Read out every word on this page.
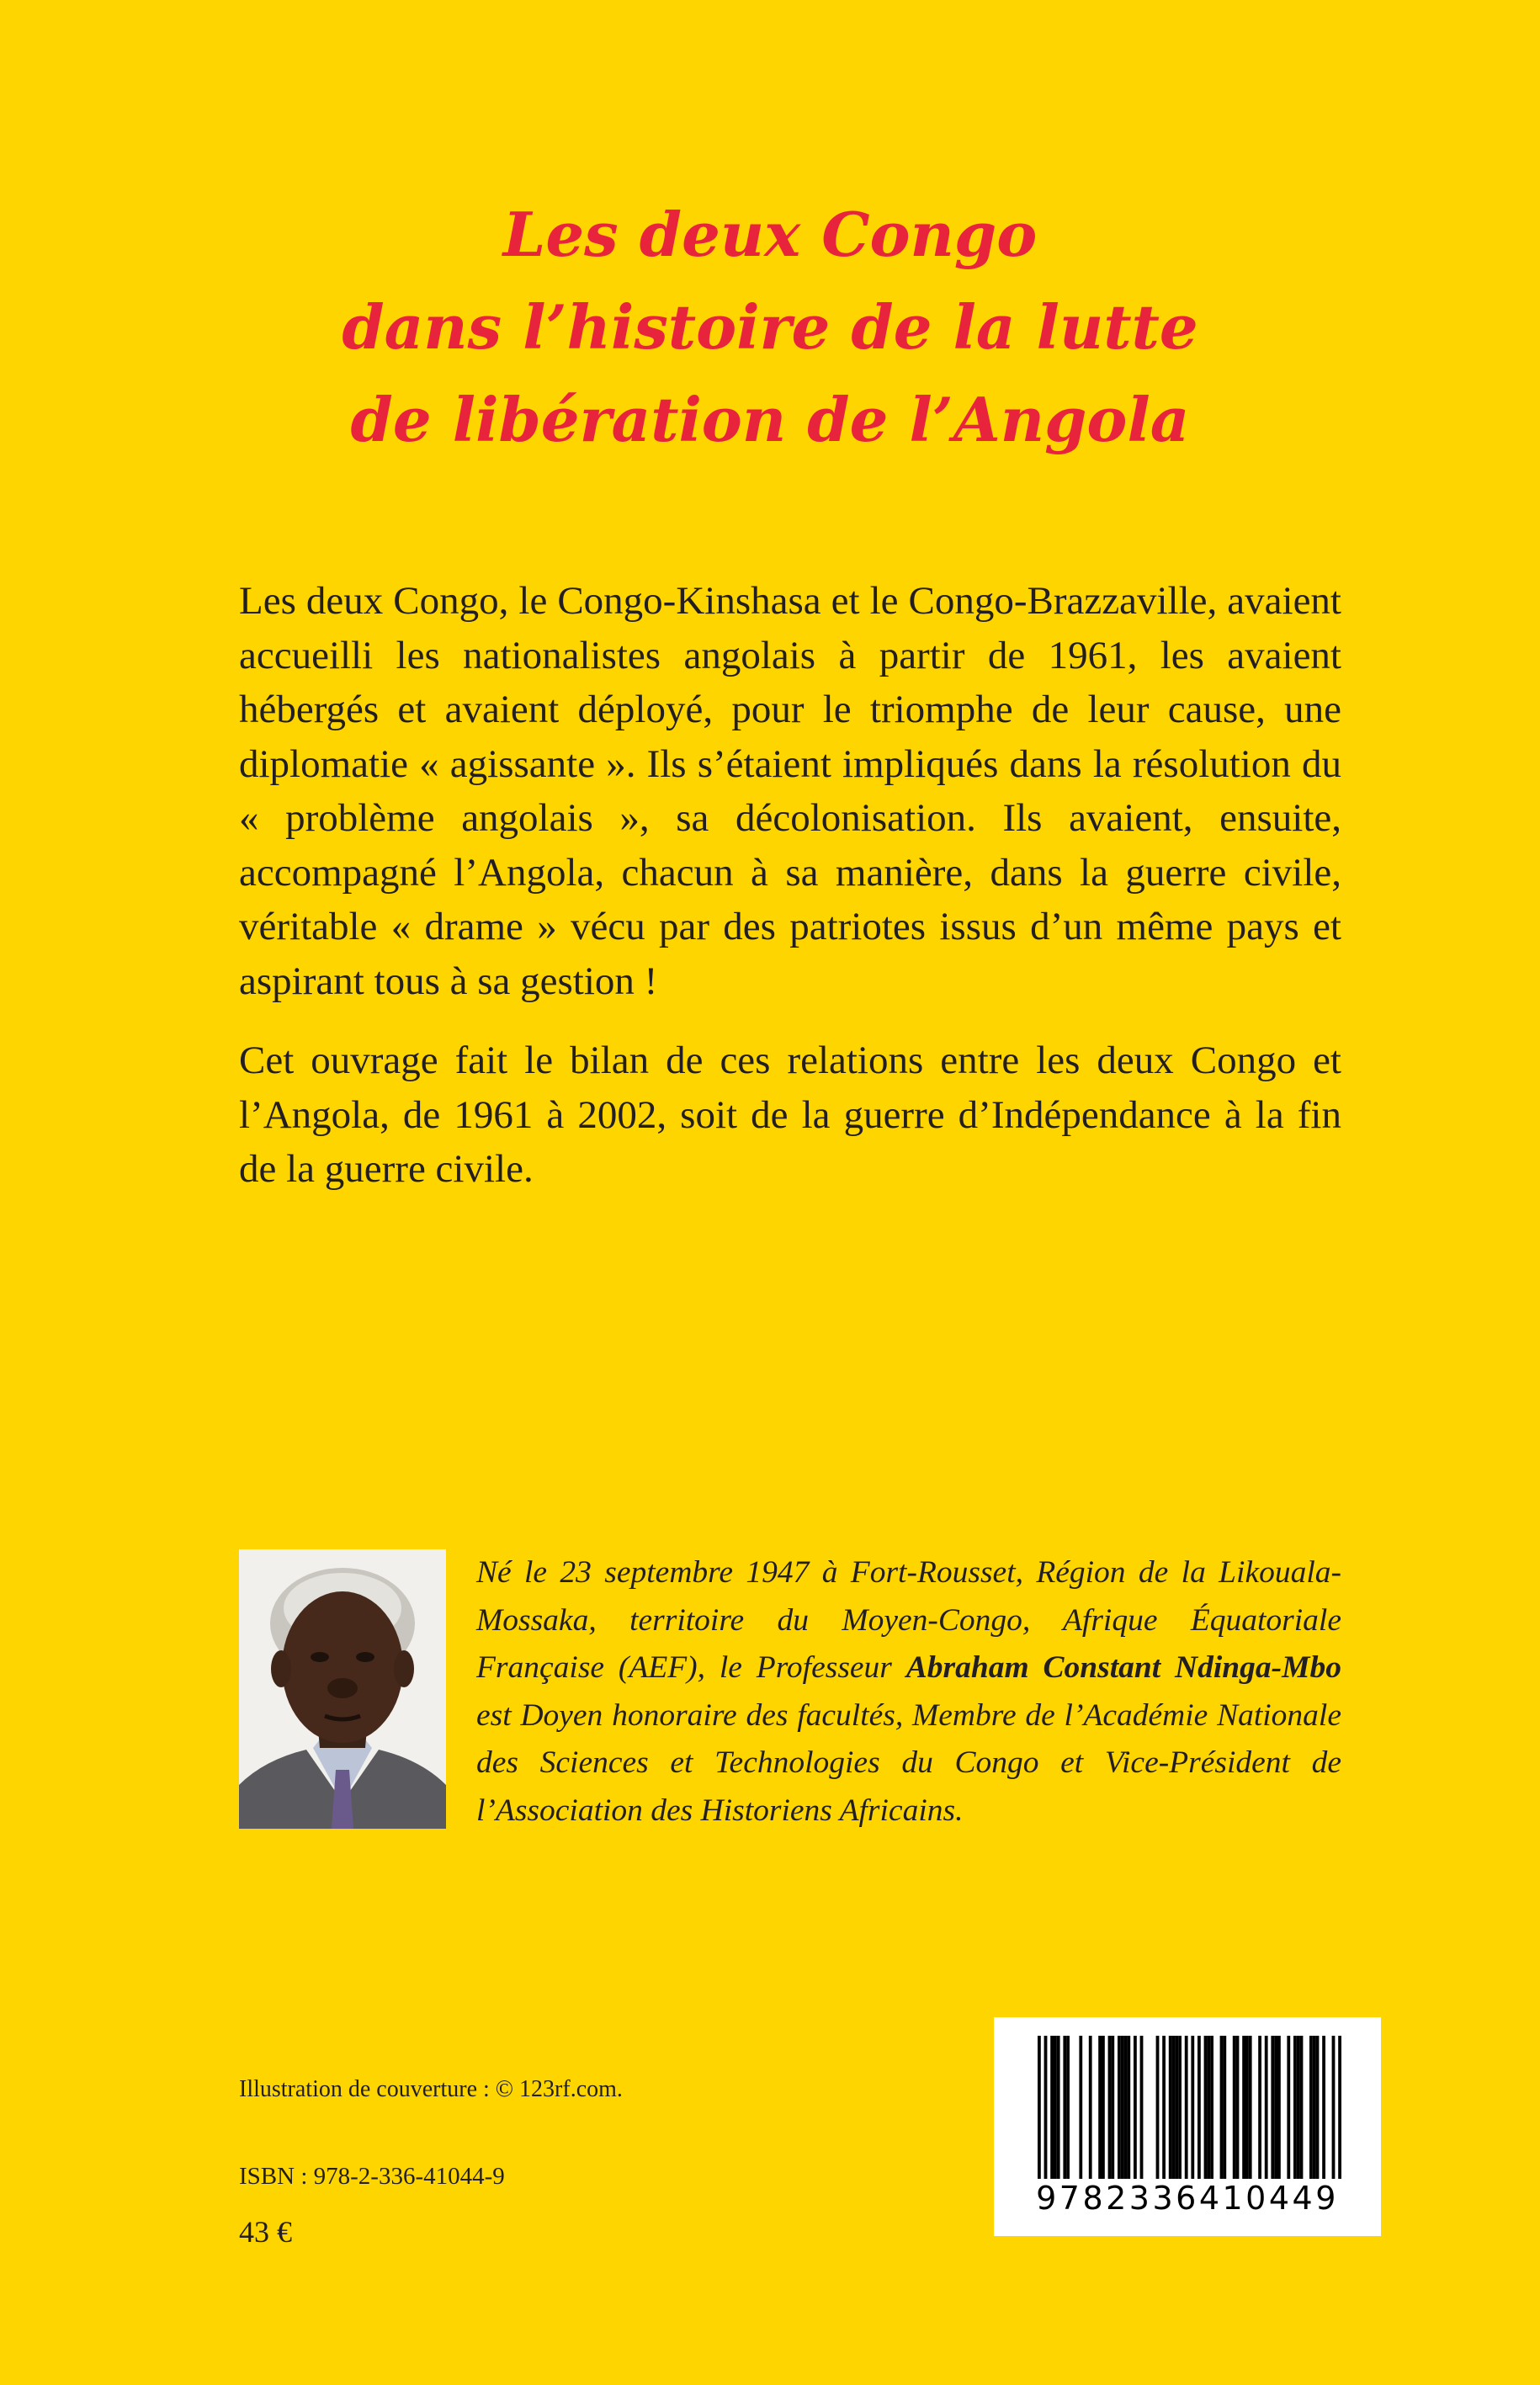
Les deux Congo
dans l’histoire de la lutte
de libération de l’Angola

Les deux Congo, le Congo-Kinshasa et le Congo-Brazzaville, avaient accueilli les nationalistes angolais à partir de 1961, les avaient hébergés et avaient déployé, pour le triomphe de leur cause, une diplomatie « agissante ». Ils s’étaient impliqués dans la résolution du « problème angolais », sa décolonisation. Ils avaient, ensuite, accompagné l’Angola, chacun à sa manière, dans la guerre civile, véritable « drame » vécu par des patriotes issus d’un même pays et aspirant tous à sa gestion !

Cet ouvrage fait le bilan de ces relations entre les deux Congo et l’Angola, de 1961 à 2002, soit de la guerre d’Indépendance à la fin de la guerre civile.

Né le 23 septembre 1947 à Fort-Rousset, Région de la Likouala-Mossaka, territoire du Moyen-Congo, Afrique Équatoriale Française (AEF), le Professeur Abraham Constant Ndinga-Mbo est Doyen honoraire des facultés, Membre de l’Académie Nationale des Sciences et Technologies du Congo et Vice-Président de l’Association des Historiens Africains.
Illustration de couverture : © 123rf.com.
ISBN : 978-2-336-41044-9
43 €
9782336410449
